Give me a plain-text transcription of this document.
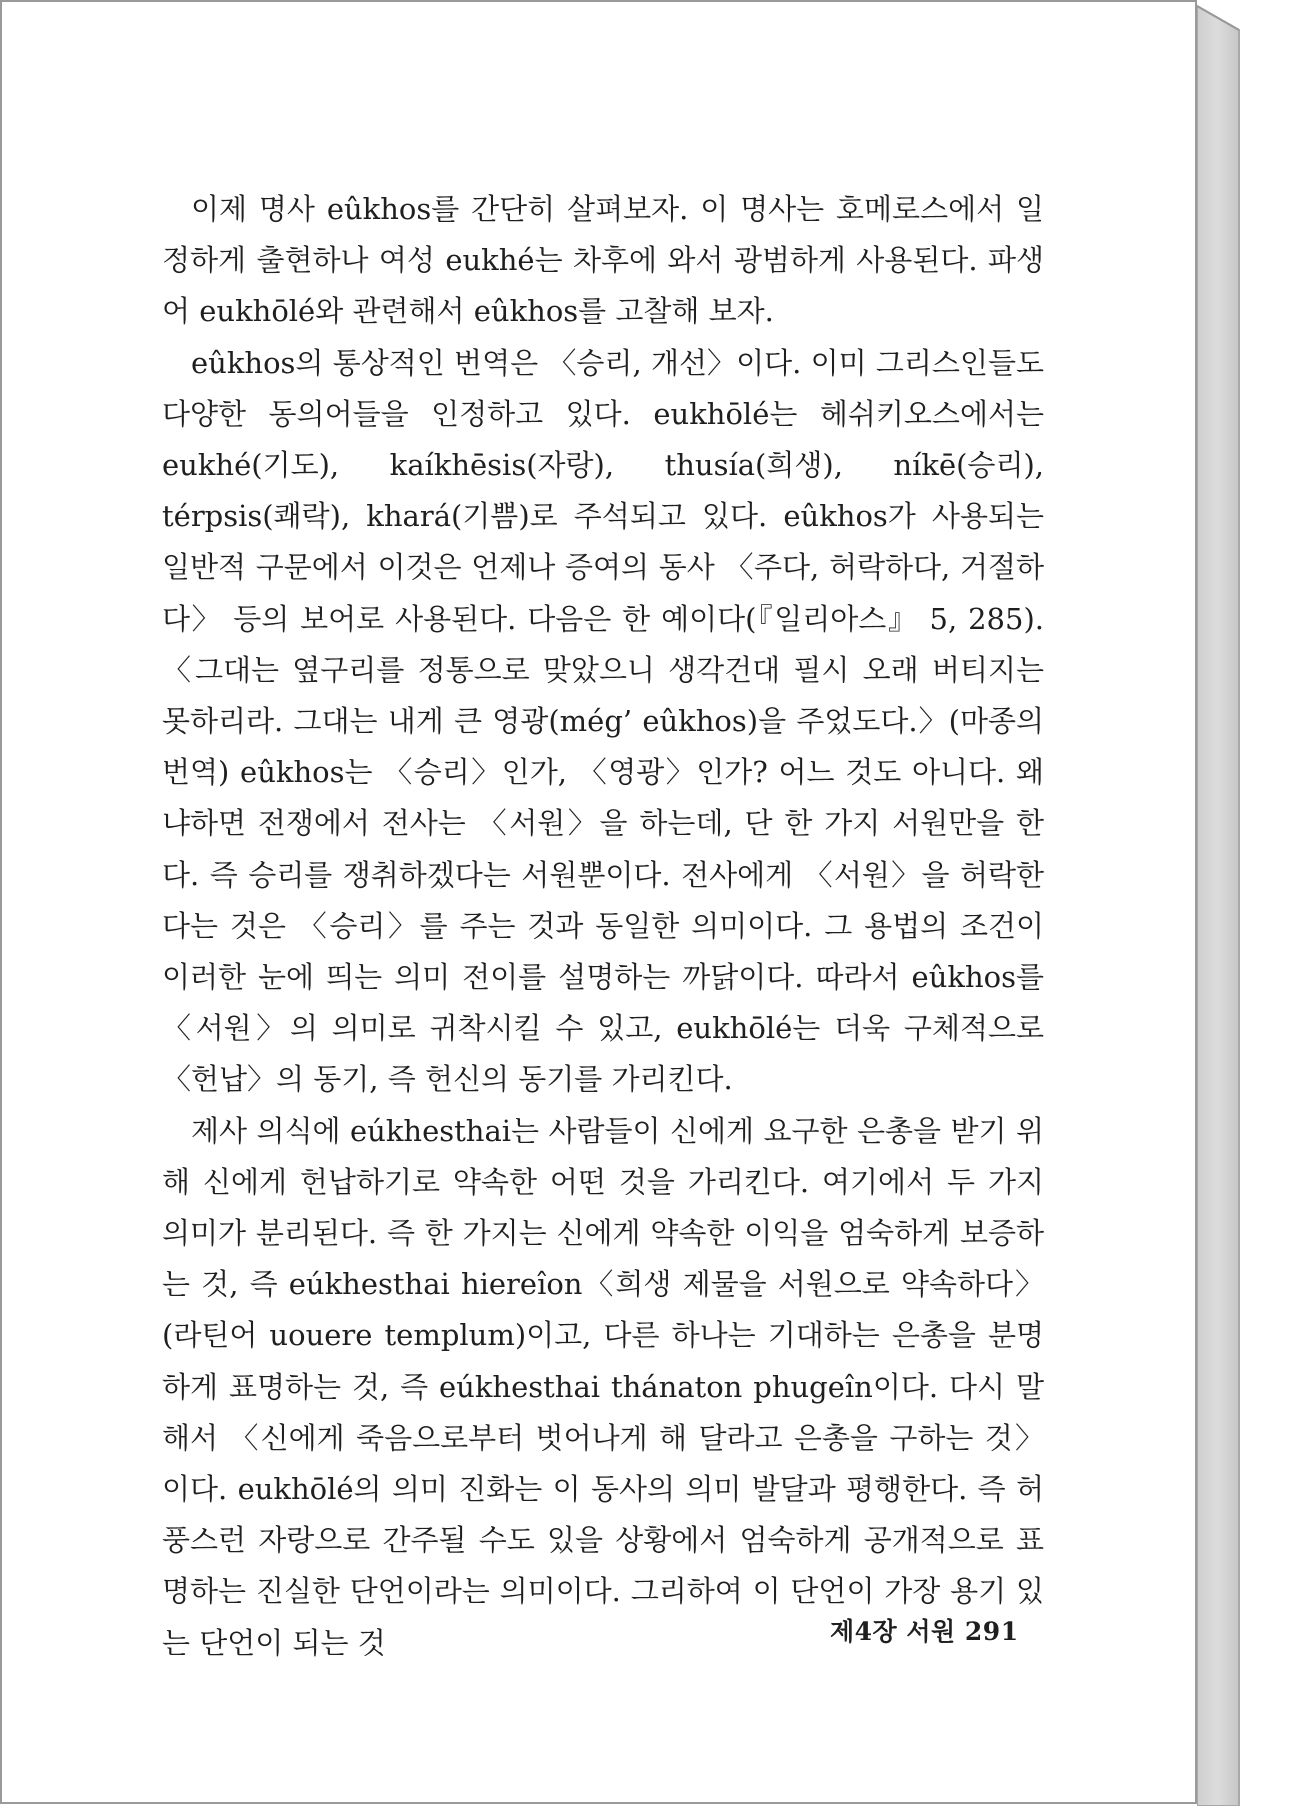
이제 명사 eûkhos를 간단히 살펴보자. 이 명사는 호메로스에서 일정하게 출현하나 여성 eukhé는 차후에 와서 광범하게 사용된다. 파생어 eukhōlé와 관련해서 eûkhos를 고찰해 보자.

eûkhos의 통상적인 번역은 〈승리, 개선〉이다. 이미 그리스인들도 다양한 동의어들을 인정하고 있다. eukhōlé는 헤쉬키오스에서는 eukhé(기도), kaíkhēsis(자랑), thusía(희생), níkē(승리), térpsis(쾌락), khará(기쁨)로 주석되고 있다. eûkhos가 사용되는 일반적 구문에서 이것은 언제나 증여의 동사 〈주다, 허락하다, 거절하다〉 등의 보어로 사용된다. 다음은 한 예이다(『일리아스』 5, 285). 〈그대는 옆구리를 정통으로 맞았으니 생각건대 필시 오래 버티지는 못하리라. 그대는 내게 큰 영광(még’ eûkhos)을 주었도다.〉(마종의 번역) eûkhos는 〈승리〉인가, 〈영광〉인가? 어느 것도 아니다. 왜냐하면 전쟁에서 전사는 〈서원〉을 하는데, 단 한 가지 서원만을 한다. 즉 승리를 쟁취하겠다는 서원뿐이다. 전사에게 〈서원〉을 허락한다는 것은 〈승리〉를 주는 것과 동일한 의미이다. 그 용법의 조건이 이러한 눈에 띄는 의미 전이를 설명하는 까닭이다. 따라서 eûkhos를 〈서원〉의 의미로 귀착시킬 수 있고, eukhōlé는 더욱 구체적으로 〈헌납〉의 동기, 즉 헌신의 동기를 가리킨다.

제사 의식에 eúkhesthai는 사람들이 신에게 요구한 은총을 받기 위해 신에게 헌납하기로 약속한 어떤 것을 가리킨다. 여기에서 두 가지 의미가 분리된다. 즉 한 가지는 신에게 약속한 이익을 엄숙하게 보증하는 것, 즉 eúkhesthai hiereîon〈희생 제물을 서원으로 약속하다〉(라틴어 uouere templum)이고, 다른 하나는 기대하는 은총을 분명하게 표명하는 것, 즉 eúkhesthai thánaton phugeîn이다. 다시 말해서 〈신에게 죽음으로부터 벗어나게 해 달라고 은총을 구하는 것〉이다. eukhōlé의 의미 진화는 이 동사의 의미 발달과 평행한다. 즉 허풍스런 자랑으로 간주될 수도 있을 상황에서 엄숙하게 공개적으로 표명하는 진실한 단언이라는 의미이다. 그리하여 이 단언이 가장 용기 있는 단언이 되는 것	제4장 서원 291
